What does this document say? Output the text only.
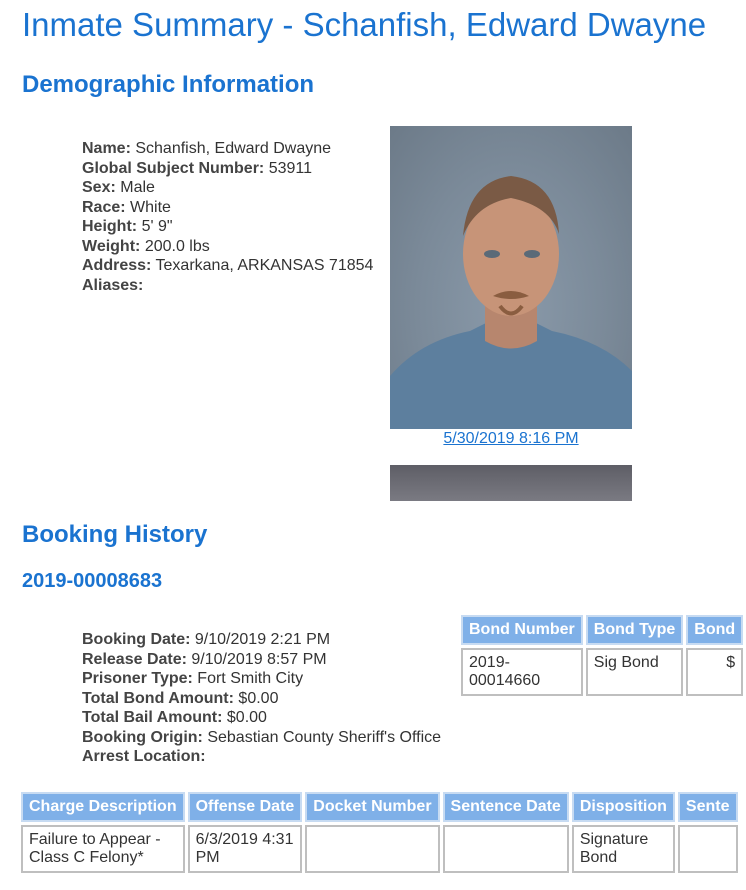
Inmate Summary - Schanfish, Edward Dwayne
Demographic Information
Name: Schanfish, Edward Dwayne
Global Subject Number: 53911
Sex: Male
Race: White
Height: 5' 9"
Weight: 200.0 lbs
Address: Texarkana, ARKANSAS 71854
Aliases:
5/30/2019 8:16 PM
Booking History
2019-00008683
Booking Date: 9/10/2019 2:21 PM
Release Date: 9/10/2019 8:57 PM
Prisoner Type: Fort Smith City
Total Bond Amount: $0.00
Total Bail Amount: $0.00
Booking Origin: Sebastian County Sheriff's Office
Arrest Location:
Bond Number	Bond Type	Bond
2019-00014660	Sig Bond	$
Charge Description	Offense Date	Docket Number	Sentence Date	Disposition	Sente
Failure to Appear - Class C Felony*	6/3/2019 4:31 PM			Signature Bond	
